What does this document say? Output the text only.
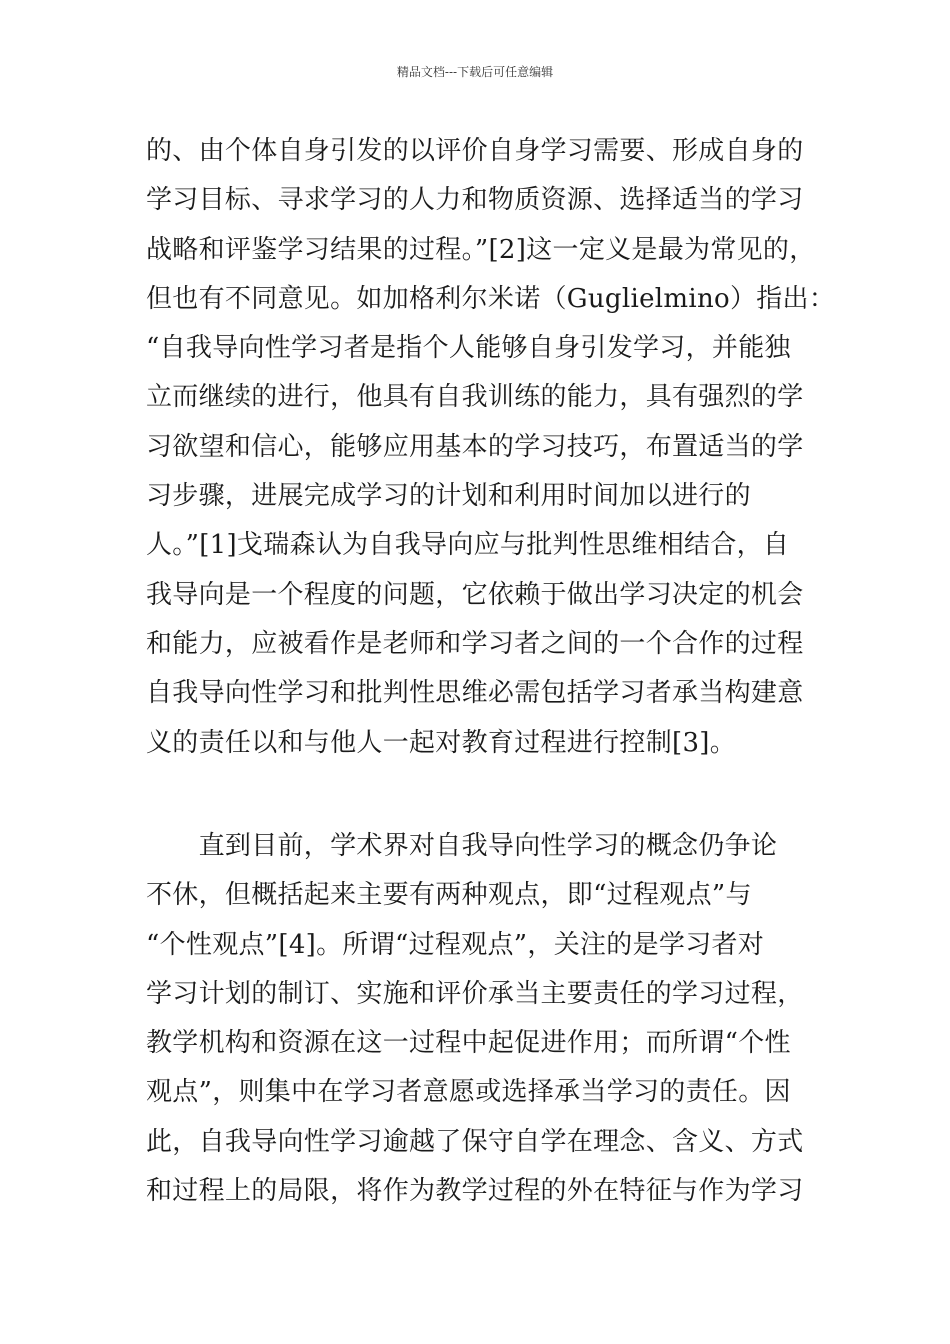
精品文档---下载后可任意编辑
的、由个体自身引发的以评价自身学习需要、形成自身的
学习目标、寻求学习的人力和物质资源、选择适当的学习
战略和评鉴学习结果的过程。”[2]这一定义是最为常见的，
但也有不同意见。如加格利尔米诺（Guglielmino）指出：
“自我导向性学习者是指个人能够自身引发学习，并能独
立而继续的进行，他具有自我训练的能力，具有强烈的学
习欲望和信心，能够应用基本的学习技巧，布置适当的学
习步骤，进展完成学习的计划和利用时间加以进行的
人。”[1]戈瑞森认为自我导向应与批判性思维相结合，自
我导向是一个程度的问题，它依赖于做出学习决定的机会
和能力，应被看作是老师和学习者之间的一个合作的过程
自我导向性学习和批判性思维必需包括学习者承当构建意
义的责任以和与他人一起对教育过程进行控制[3]。
　　直到目前，学术界对自我导向性学习的概念仍争论
不休，但概括起来主要有两种观点，即“过程观点”与
“个性观点”[4]。所谓“过程观点”，关注的是学习者对
学习计划的制订、实施和评价承当主要责任的学习过程，
教学机构和资源在这一过程中起促进作用；而所谓“个性
观点”，则集中在学习者意愿或选择承当学习的责任。因
此，自我导向性学习逾越了保守自学在理念、含义、方式
和过程上的局限，将作为教学过程的外在特征与作为学习
